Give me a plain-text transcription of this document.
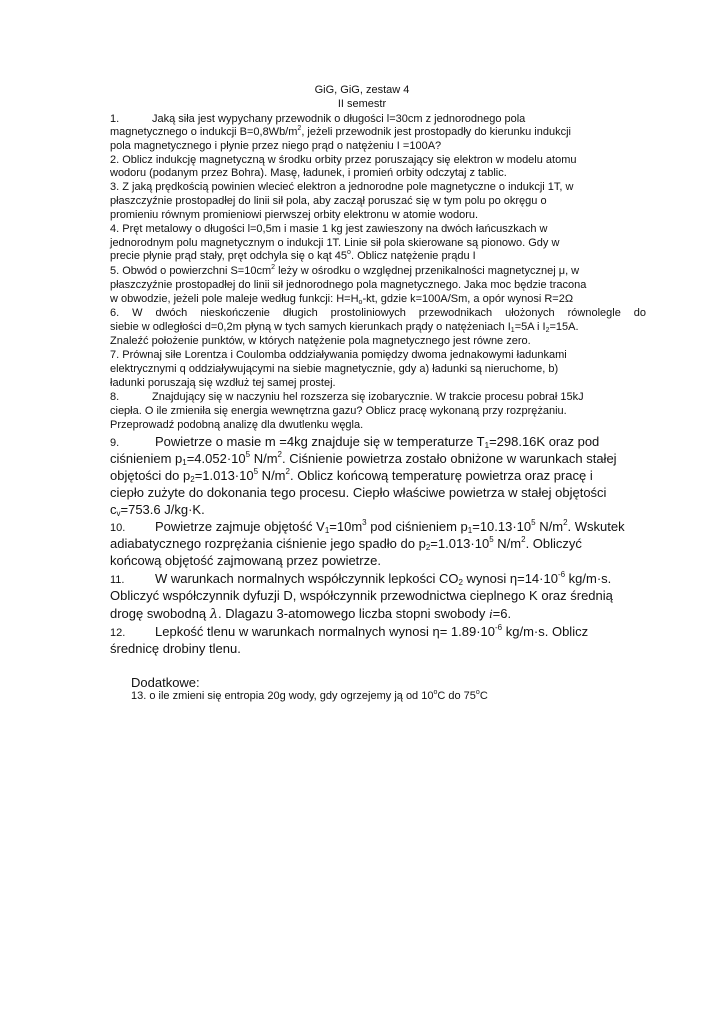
GiG, GiG, zestaw 4
II semestr
1.	Jaką siła jest wypychany przewodnik o długości l=30cm z jednorodnego pola
magnetycznego o indukcji $B=0,8Wb/m^2$, jeżeli przewodnik jest prostopadły do kierunku indukcji
pola magnetycznego i płynie przez niego prąd o natężeniu I =100A?
2. Oblicz indukcję magnetyczną w środku orbity przez poruszający się elektron w modelu atomu
wodoru (podanym przez Bohra). Masę, ładunek, i promień orbity odczytaj z tablic.
3. Z jaką prędkością powinien wlecieć elektron a jednorodne pole magnetyczne o indukcji 1T, w
płaszczyźnie prostopadłej do linii sił pola, aby zaczął poruszać się w tym polu po okręgu o
promieniu równym promieniowi pierwszej orbity elektronu w atomie wodoru.
4. Pręt metalowy o długości l=0,5m i masie 1 kg jest zawieszony na dwóch łańcuszkach w
jednorodnym polu magnetycznym o indukcji 1T. Linie sił pola skierowane są pionowo. Gdy w
precie płynie prąd stały, pręt odchyla się o kąt 45$^o$. Oblicz natężenie prądu I
5. Obwód o powierzchni $S=10cm^2$ leży w ośrodku o względnej przenikalności magnetycznej μ, w
płaszczyźnie prostopadłej do linii sił jednorodnego pola magnetycznego. Jaka moc będzie tracona
w obwodzie, jeżeli pole maleje według funkcji: $H=H_o-kt$, gdzie k=100A/Sm, a opór wynosi R=2Ω
6. W dwóch nieskończenie długich prostoliniowych przewodnikach ułożonych równolegle do
siebie w odległości d=0,2m płyną w tych samych kierunkach prądy o natężeniach $I_1=5A$ i $I_2=15A$.
Znaleźć położenie punktów, w których natężenie pola magnetycznego jest równe zero.
7. Prównaj siłe Lorentza i Coulomba oddziaływania pomiędzy dwoma jednakowymi ładunkami
elektrycznymi q oddziaływującymi na siebie magnetycznie, gdy a) ładunki są nieruchome, b)
ładunki poruszają się wzdłuż tej samej prostej.
8.	Znajdujący się w naczyniu hel rozszerza się izobarycznie. W trakcie procesu pobrał 15kJ
ciepła. O ile zmieniła się energia wewnętrzna gazu? Oblicz pracę wykonaną przy rozprężaniu.
Przeprowadź podobną analizę dla dwutlenku węgla.
9.	Powietrze o masie m =4kg znajduje się w temperaturze $T_1=298.16K$ oraz pod
ciśnieniem $p_1=4.052\cdot 10^5$ $N/m^2$. Ciśnienie powietrza zostało obniżone w warunkach stałej
objętości do $p_2=1.013\cdot 10^5$ $N/m^2$. Oblicz końcową temperaturę powietrza oraz pracę i
ciepło zużyte do dokonania tego procesu. Ciepło właściwe powietrza w stałej objętości
$c_v=753.6$ J/kg·K.
10. Powietrze zajmuje objętość $V_1=10m^3$ pod ciśnieniem $p_1=10.13\cdot 10^5$ $N/m^2$. Wskutek
adiabatycznego rozprężania ciśnienie jego spadło do $p_2=1.013\cdot 10^5$ $N/m^2$. Obliczyć
końcową objętość zajmowaną przez powietrze.
11. W warunkach normalnych współczynnik lepkości $CO_2$ wynosi $\eta=14\cdot 10^{-6}$ kg/m·s.
Obliczyć współczynnik dyfuzji D, współczynnik przewodnictwa cieplnego K oraz średnią
drogę swobodną λ. Dlagazu 3-atomowego liczba stopni swobody i=6.
12. Lepkość tlenu w warunkach normalnych wynosi $\eta= 1.89\cdot 10^{-6}$ kg/m·s. Oblicz
średnicę drobiny tlenu.
Dodatkowe:
13. o ile zmieni się entropia 20g wody, gdy ogrzejemy ją od 10$^o$C do 75$^o$C
